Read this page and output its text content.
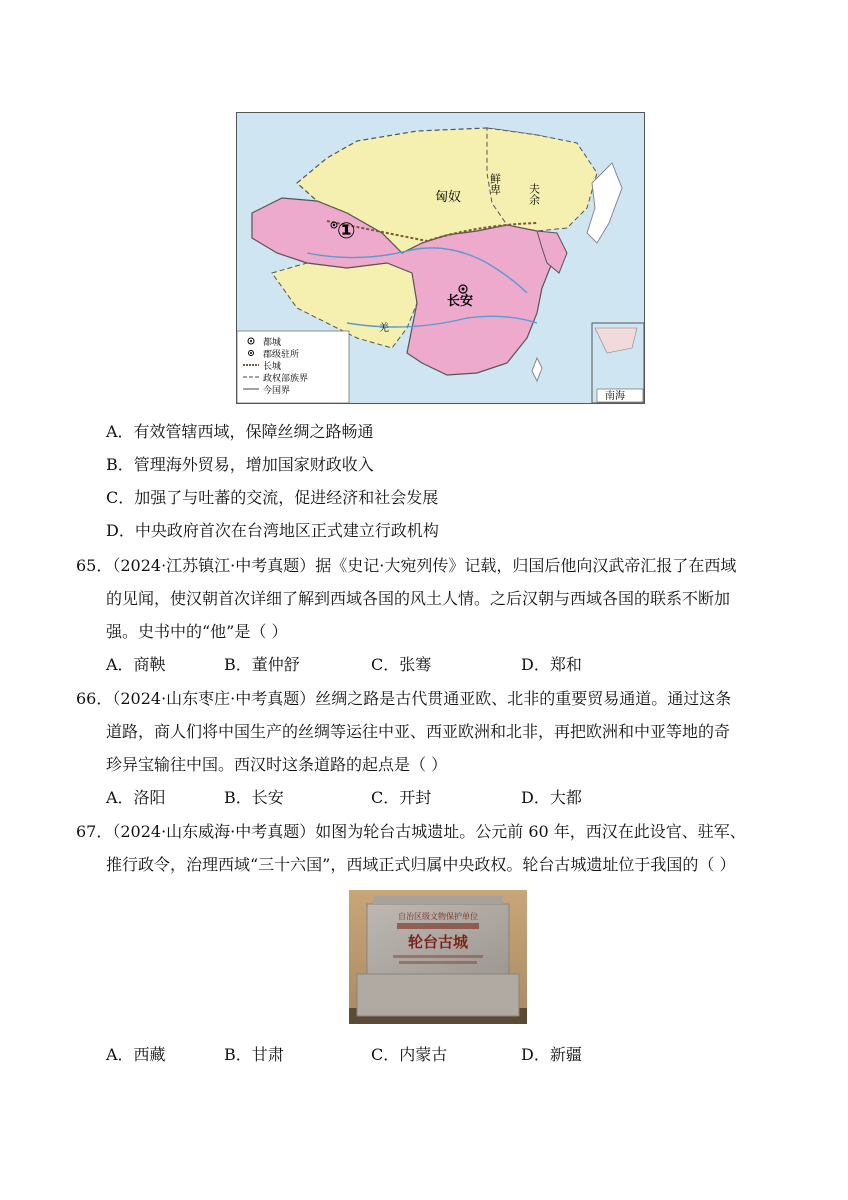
匈奴
①
长安
鲜卑 夫余
羌
都城
郡级驻所
长城
政权部族界
今国界	南海
A．有效管辖西域，保障丝绸之路畅通
B．管理海外贸易，增加国家财政收入
C．加强了与吐蕃的交流，促进经济和社会发展
D．中央政府首次在台湾地区正式建立行政机构
65．（2024·江苏镇江·中考真题）据《史记·大宛列传》记载，归国后他向汉武帝汇报了在西域
的见闻，使汉朝首次详细了解到西域各国的风土人情。之后汉朝与西域各国的联系不断加
强。史书中的“他”是（ ）
A．商鞅	B．董仲舒	C．张骞	D．郑和
66．（2024·山东枣庄·中考真题）丝绸之路是古代贯通亚欧、北非的重要贸易通道。通过这条
道路，商人们将中国生产的丝绸等运往中亚、西亚欧洲和北非，再把欧洲和中亚等地的奇
珍异宝输往中国。西汉时这条道路的起点是（ ）
A．洛阳	B．长安	C．开封	D．大都
67．（2024·山东威海·中考真题）如图为轮台古城遗址。公元前 60 年，西汉在此设官、驻军、
推行政令，治理西域“三十六国”，西域正式归属中央政权。轮台古城遗址位于我国的（ ）
自治区级文物保护单位
轮台古城
A．西藏	B．甘肃	C．内蒙古	D．新疆
